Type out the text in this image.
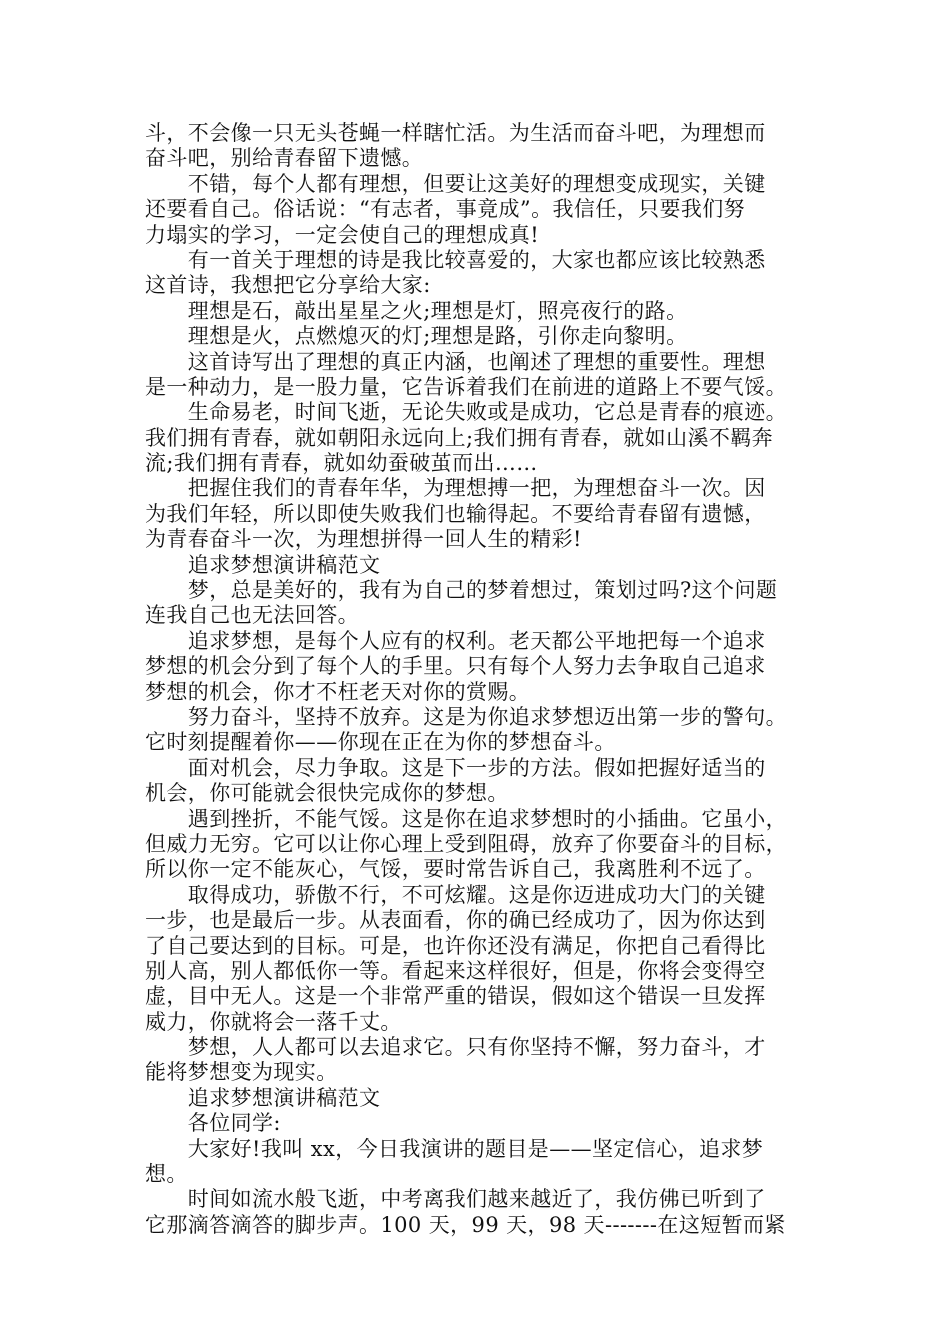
斗，不会像一只无头苍蝇一样瞎忙活。为生活而奋斗吧，为理想而
奋斗吧，别给青春留下遗憾。
　　不错，每个人都有理想，但要让这美好的理想变成现实，关键
还要看自己。俗话说：“有志者，事竟成”。我信任，只要我们努
力塌实的学习，一定会使自己的理想成真!
　　有一首关于理想的诗是我比较喜爱的，大家也都应该比较熟悉
这首诗，我想把它分享给大家:
　　理想是石，敲出星星之火;理想是灯，照亮夜行的路。
　　理想是火，点燃熄灭的灯;理想是路，引你走向黎明。
　　这首诗写出了理想的真正内涵，也阐述了理想的重要性。理想
是一种动力，是一股力量，它告诉着我们在前进的道路上不要气馁。
　　生命易老，时间飞逝，无论失败或是成功，它总是青春的痕迹。
我们拥有青春，就如朝阳永远向上;我们拥有青春，就如山溪不羁奔
流;我们拥有青春，就如幼蚕破茧而出……
　　把握住我们的青春年华，为理想搏一把，为理想奋斗一次。因
为我们年轻，所以即使失败我们也输得起。不要给青春留有遗憾，
为青春奋斗一次，为理想拼得一回人生的精彩!
　　追求梦想演讲稿范文
　　梦，总是美好的，我有为自己的梦着想过，策划过吗?这个问题
连我自己也无法回答。
　　追求梦想，是每个人应有的权利。老天都公平地把每一个追求
梦想的机会分到了每个人的手里。只有每个人努力去争取自己追求
梦想的机会，你才不枉老天对你的赏赐。
　　努力奋斗，坚持不放弃。这是为你追求梦想迈出第一步的警句。
它时刻提醒着你——你现在正在为你的梦想奋斗。
　　面对机会，尽力争取。这是下一步的方法。假如把握好适当的
机会，你可能就会很快完成你的梦想。
　　遇到挫折，不能气馁。这是你在追求梦想时的小插曲。它虽小，
但威力无穷。它可以让你心理上受到阻碍，放弃了你要奋斗的目标，
所以你一定不能灰心，气馁，要时常告诉自己，我离胜利不远了。
　　取得成功，骄傲不行，不可炫耀。这是你迈进成功大门的关键
一步，也是最后一步。从表面看，你的确已经成功了，因为你达到
了自己要达到的目标。可是，也许你还没有满足，你把自己看得比
别人高，别人都低你一等。看起来这样很好，但是，你将会变得空
虚，目中无人。这是一个非常严重的错误，假如这个错误一旦发挥
威力，你就将会一落千丈。
　　梦想，人人都可以去追求它。只有你坚持不懈，努力奋斗，才
能将梦想变为现实。
　　追求梦想演讲稿范文
　　各位同学:
　　大家好!我叫 xx，今日我演讲的题目是——坚定信心，追求梦
想。
　　时间如流水般飞逝，中考离我们越来越近了，我仿佛已听到了
它那滴答滴答的脚步声。100 天，99 天，98 天-------在这短暂而紧
